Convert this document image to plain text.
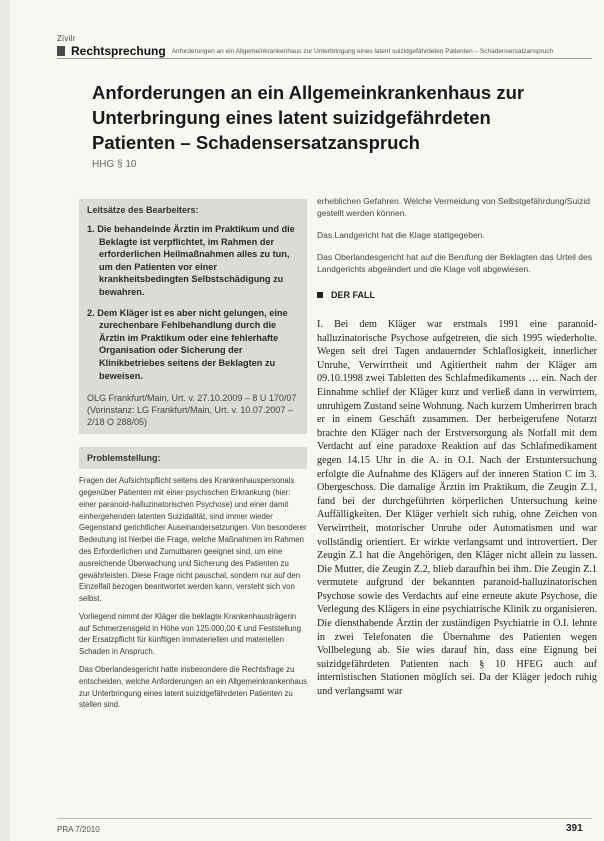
Zivilr
Rechtsprechung Anforderungen an ein Allgemeinkrankenhaus zur Unterbringung eines latent suizidgefährdeten Patienten – Schadensersatzanspruch
Anforderungen an ein Allgemeinkrankenhaus zur Unterbringung eines latent suizidgefährdeten Patienten – Schadensersatzanspruch
HHG § 10
Leitsätze des Bearbeiters:

1. Die behandelnde Ärztin im Praktikum und die Beklagte ist verpflichtet, im Rahmen der erforderlichen Heilmaßnahmen alles zu tun, um den Patienten vor einer krankheitsbedingten Selbstschädigung zu bewahren.

2. Dem Kläger ist es aber nicht gelungen, eine zurechenbare Fehlbehandlung durch die Ärztin im Praktikum oder eine fehlerhafte Organisation oder Sicherung der Klinikbetriebes seitens der Beklagten zu beweisen.

OLG Frankfurt/Main, Urt. v. 27.10.2009 – 8 U 170/07 (Vorinstanz: LG Frankfurt/Main, Urt. v. 10.07.2007 – 2/18 O 288/05)
Problemstellung:

Fragen der Aufsichtspflicht seitens des Krankenhauspersonals gegenüber Patienten mit einer psychischen Erkrankung (hier: einer paranoid-halluzinatorischen Psychose) und einer damit einhergehenden latenten Suizidalität, sind immer wieder Gegenstand gerichtlicher Auseinandersetzungen. Von besonderer Bedeutung ist hierbei die Frage, welche Maßnahmen im Rahmen des Erforderlichen und Zumutbaren geeignet sind, um eine ausreichende Überwachung und Sicherung des Patienten zu gewährleisten. Diese Frage nicht pauschal, sondern nur auf den Einzelfall bezogen beantwortet werden kann, versteht sich von selbst.

Vorliegend nimmt der Kläger die beklagte Krankenhausträgerin auf Schmerzensgeld in Höhe von 125.000,00 € und Feststellung der Ersatzpflicht für künftigen immateriellen und materiellen Schaden in Anspruch.

Das Oberlandesgericht hatte insbesondere die Rechtsfrage zu entscheiden, welche Anforderungen an ein Allgemeinkrankenhaus zur Unterbringung eines latent suizidgefährdeten Patienten zu stellen sind.

erheblichen Gefahren. Welche Vermeidung von Selbstgefährdung/Suizid gestellt werden können.

Das Landgericht hat die Klage stattgegeben.

Das Oberlandesgericht hat auf die Berufung der Beklagten das Urteil des Landgerichts abgeändert und die Klage voll abgewiesen.

DER FALL

I. Bei dem Kläger war erstmals 1991 eine paranoid-halluzinatorische Psychose aufgetreten, die sich 1995 wiederholte. Wegen seit drei Tagen andauernder Schlaflosigkeit, innerlicher Unruhe, Verwirrtheit und Agitiertheit nahm der Kläger am 09.10.1998 zwei Tabletten des Schlafmedikaments … ein. Nach der Einnahme schlief der Kläger kurz und verließ dann in verwirrtem, unruhigem Zustand seine Wohnung. Nach kurzem Umherirren brach er in einem Geschäft zusammen. Der herbeigerufene Notarzt brachte den Kläger nach der Erstversorgung als Notfall mit dem Verdacht auf eine paradoxe Reaktion auf das Schlafmedikament gegen 14.15 Uhr in die A. in O.I. Nach der Erstuntersuchung erfolgte die Aufnahme des Klägers auf der inneren Station C im 3. Obergeschoss. Die damalige Ärztin im Praktikum, die Zeugin Z.1, fand bei der durchgeführten körperlichen Untersuchung keine Auffälligkeiten. Der Kläger verhielt sich ruhig, ohne Zeichen von Verwirrtheit, motorischer Unruhe oder Automatismen und war vollständig orientiert. Er wirkte verlangsamt und introvertiert. Der Zeugin Z.1 hat die Angehörigen, den Kläger nicht allein zu lassen. Die Mutter, die Zeugin Z.2, blieb daraufhin bei ihm. Die Zeugin Z.1 vermutete aufgrund der bekannten paranoid-halluzinatorischen Psychose sowie des Verdachts auf eine erneute akute Psychose, die Verlegung des Klägers in eine psychiatrische Klinik zu organisieren. Die diensthabende Ärztin der zuständigen Psychiatrie in O.I. lehnte in zwei Telefonaten die Übernahme des Patienten wegen Vollbelegung ab. Sie wies darauf hin, dass eine Eignung bei suizidgefährdeten Patienten nach § 10 HFEG auch auf internistischen Stationen möglich sei. Da der Kläger jedoch ruhig und verlangsamt war

PRA 7/2010	391
